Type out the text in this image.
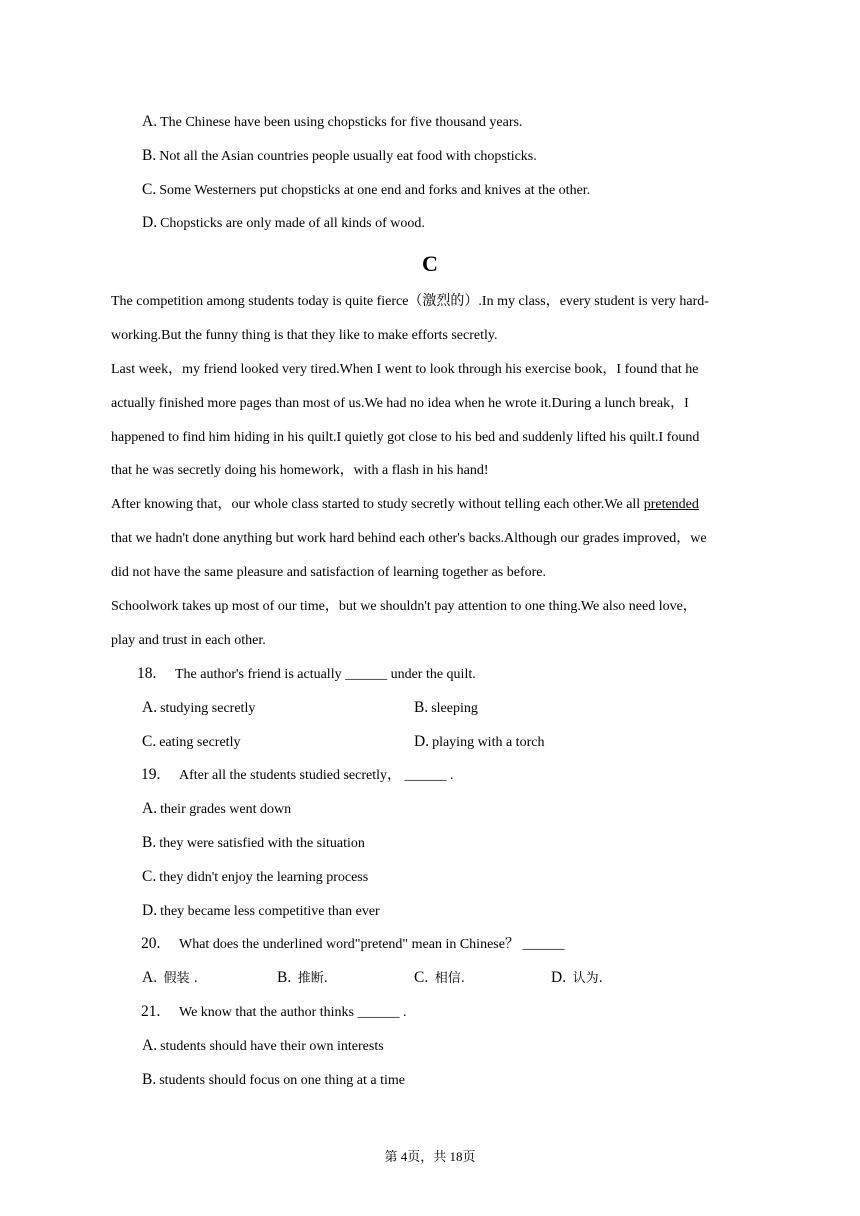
A. The Chinese have been using chopsticks for five thousand years.
B. Not all the Asian countries people usually eat food with chopsticks.
C. Some Westerners put chopsticks at one end and forks and knives at the other.
D. Chopsticks are only made of all kinds of wood.
C
The competition among students today is quite fierce（激烈的）.In my class，every student is very hard-
working.But the funny thing is that they like to make efforts secretly.
Last week，my friend looked very tired.When I went to look through his exercise book，I found that he
actually finished more pages than most of us.We had no idea when he wrote it.During a lunch break，I
happened to find him hiding in his quilt.I quietly got close to his bed and suddenly lifted his quilt.I found
that he was secretly doing his homework，with a flash in his hand!
After knowing that，our whole class started to study secretly without telling each other.We all pretended
that we hadn't done anything but work hard behind each other's backs.Although our grades improved，we
did not have the same pleasure and satisfaction of learning together as before.
Schoolwork takes up most of our time，but we shouldn't pay attention to one thing.We also need love，
play and trust in each other.
18. The author's friend is actually ______ under the quilt.
A. studying secretly	B. sleeping
C. eating secretly	D. playing with a torch
19. After all the students studied secretly， ______ .
A. their grades went down
B. they were satisfied with the situation
C. they didn't enjoy the learning process
D. they became less competitive than ever
20. What does the underlined word"pretend" mean in Chinese？ ______
A. 假装 .	B. 推断.	C. 相信.	D. 认为.
21. We know that the author thinks ______ .
A. students should have their own interests
B. students should focus on one thing at a time
第 4页，共 18页
